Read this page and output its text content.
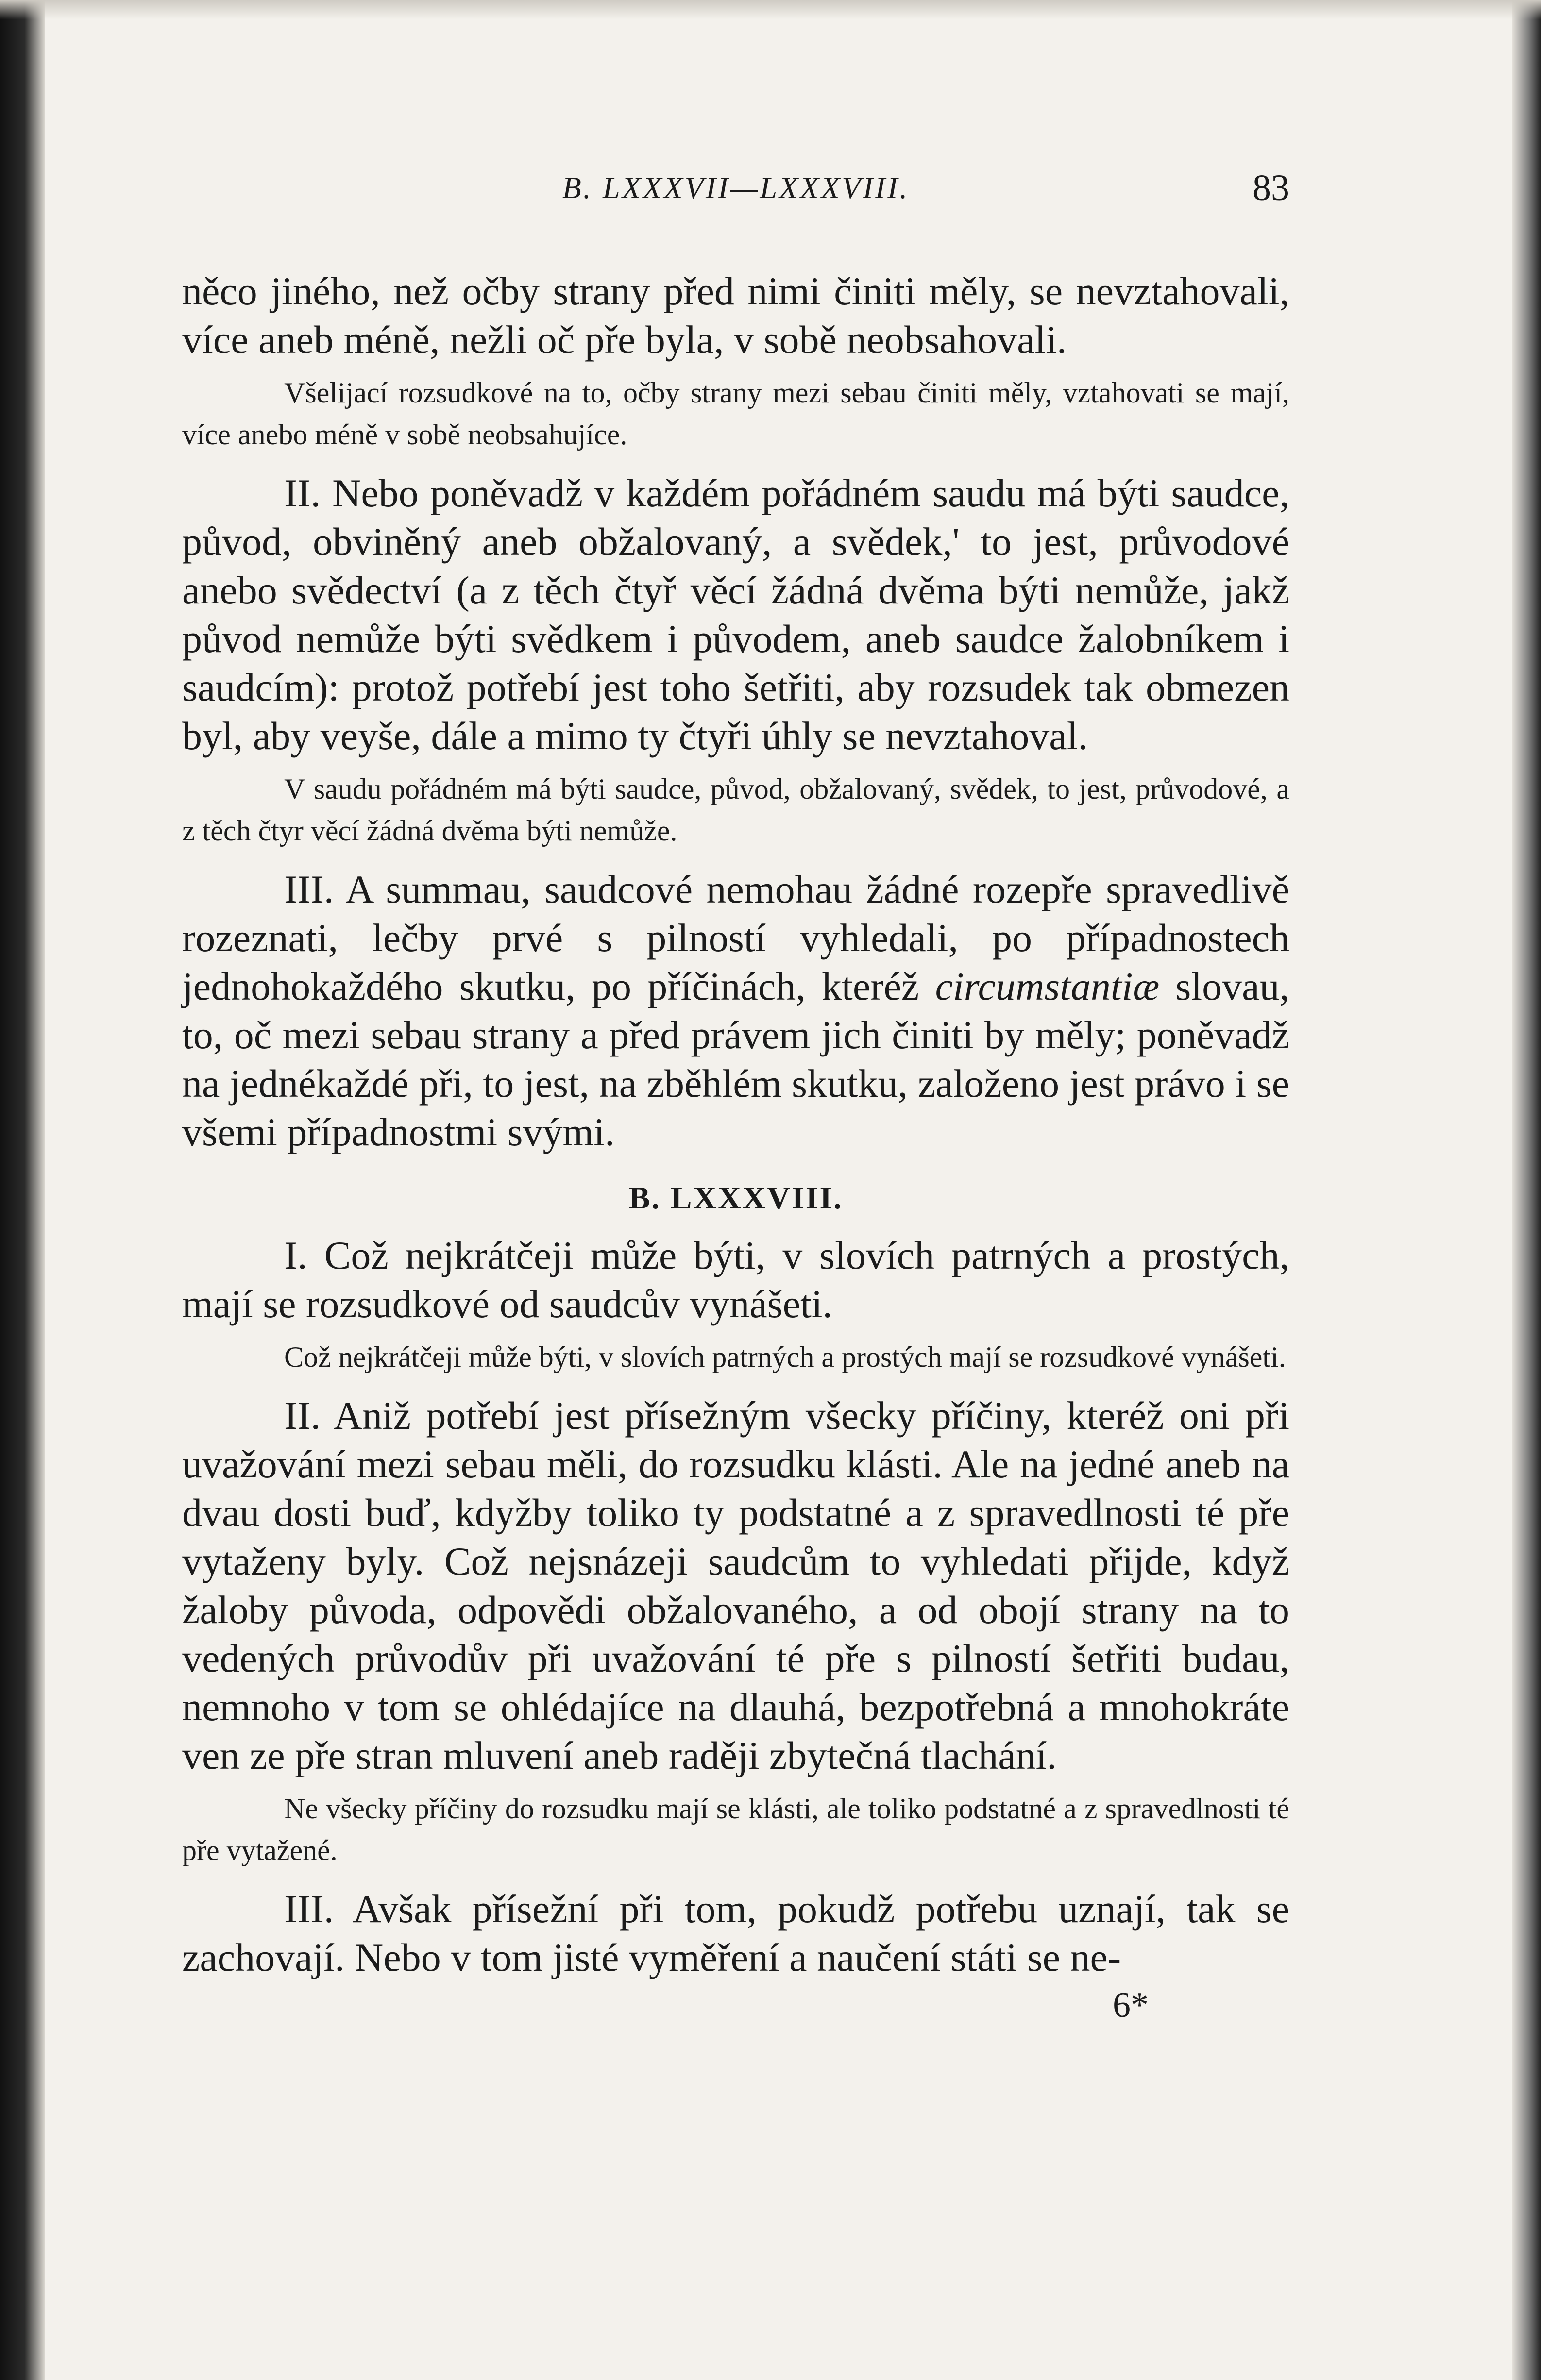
B. LXXXVII—LXXXVIII.	83

něco jiného, než očby strany před nimi činiti měly, se nevztahovali, více aneb méně, nežli oč pře byla, v sobě neobsahovali.

Všelijací rozsudkové na to, očby strany mezi sebau činiti měly, vztahovati se mají, více anebo méně v sobě neobsahujíce.

II. Nebo poněvadž v každém pořádném saudu má býti saudce, původ, obviněný aneb obžalovaný, a svědek,' to jest, průvodové anebo svědectví (a z těch čtyř věcí žádná dvěma býti nemůže, jakž původ nemůže býti svědkem i původem, aneb saudce žalobníkem i saudcím): protož potřebí jest toho šetřiti, aby rozsudek tak obmezen byl, aby veyše, dále a mimo ty čtyři úhly se nevztahoval.

V saudu pořádném má býti saudce, původ, obžalovaný, svědek, to jest, průvodové, a z těch čtyr věcí žádná dvěma býti nemůže.

III. A summau, saudcové nemohau žádné rozepře spravedlivě rozeznati, lečby prvé s pilností vyhledali, po případnostech jednohokaždého skutku, po příčinách, kteréž circumstantiæ slovau, to, oč mezi sebau strany a před právem jich činiti by měly; poněvadž na jednékaždé při, to jest, na zběhlém skutku, založeno jest právo i se všemi případnostmi svými.

B. LXXXVIII.

I. Což nejkrátčeji může býti, v slovích patrných a prostých, mají se rozsudkové od saudcův vynášeti.

Což nejkrátčeji může býti, v slovích patrných a prostých mají se rozsudkové vynášeti.

II. Aniž potřebí jest přísežným všecky příčiny, kteréž oni při uvažování mezi sebau měli, do rozsudku klásti. Ale na jedné aneb na dvau dosti buď, kdyžby toliko ty podstatné a z spravedlnosti té pře vytaženy byly. Což nejsnázeji saudcům to vyhledati přijde, když žaloby původa, odpovědi obžalovaného, a od obojí strany na to vedených průvodův při uvažování té pře s pilností šetřiti budau, nemnoho v tom se ohlédajíce na dlauhá, bezpotřebná a mnohokráte ven ze pře stran mluvení aneb raději zbytečná tlachání.

Ne všecky příčiny do rozsudku mají se klásti, ale toliko podstatné a z spravedlnosti té pře vytažené.

III. Avšak přísežní při tom, pokudž potřebu uznají, tak se zachovají. Nebo v tom jisté vyměření a naučení státi se ne-

6*
